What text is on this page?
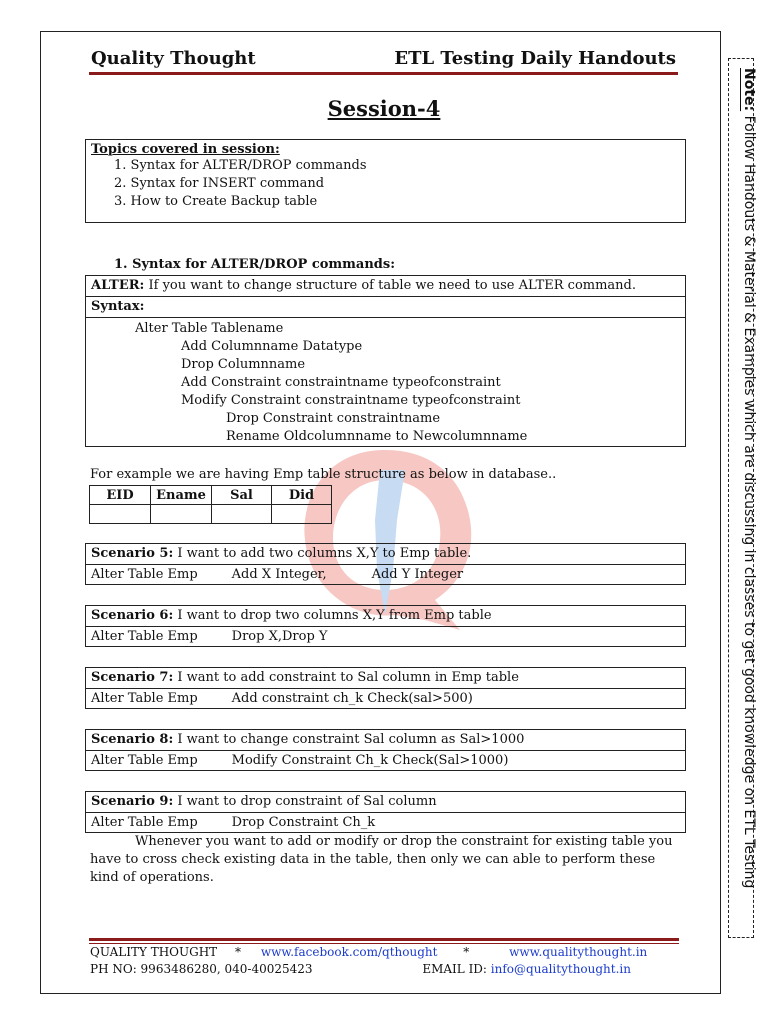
Quality Thought	ETL Testing Daily Handouts
Session-4
Topics covered in session:
1. Syntax for ALTER/DROP commands
2. Syntax for INSERT command
3. How to Create Backup table
1. Syntax for ALTER/DROP commands:
ALTER: If you want to change structure of table we need to use ALTER command.
Syntax:
Alter Table Tablename
Add Columnname Datatype
Drop Columnname
Add Constraint constraintname typeofconstraint
Modify Constraint constraintname typeofconstraint
Drop Constraint constraintname
Rename Oldcolumnname to Newcolumnname
For example we are having Emp table structure as below in database..
EID	Ename	Sal	Did

Scenario 5: I want to add two columns X,Y to Emp table.
Alter Table Emp	Add X Integer,	Add Y Integer
Scenario 6: I want to drop two columns X,Y from Emp table
Alter Table Emp	Drop X,Drop Y
Scenario 7: I want to add constraint to Sal column in Emp table
Alter Table Emp	Add constraint ch_k Check(sal>500)
Scenario 8: I want to change constraint Sal column as Sal>1000
Alter Table Emp	Modify Constraint Ch_k Check(Sal>1000)
Scenario 9: I want to drop constraint of Sal column
Alter Table Emp	Drop Constraint Ch_k
Whenever you want to add or modify or drop the constraint for existing table you have to cross check existing data in the table, then only we can able to perform these kind of operations.
QUALITY THOUGHT * www.facebook.com/qthought *	www.qualitythought.in
PH NO: 9963486280, 040-40025423	EMAIL ID: info@qualitythought.in
Note: Follow Handouts & Material & Examples which are discussing in classes to get good knowledge on ETL Testing
